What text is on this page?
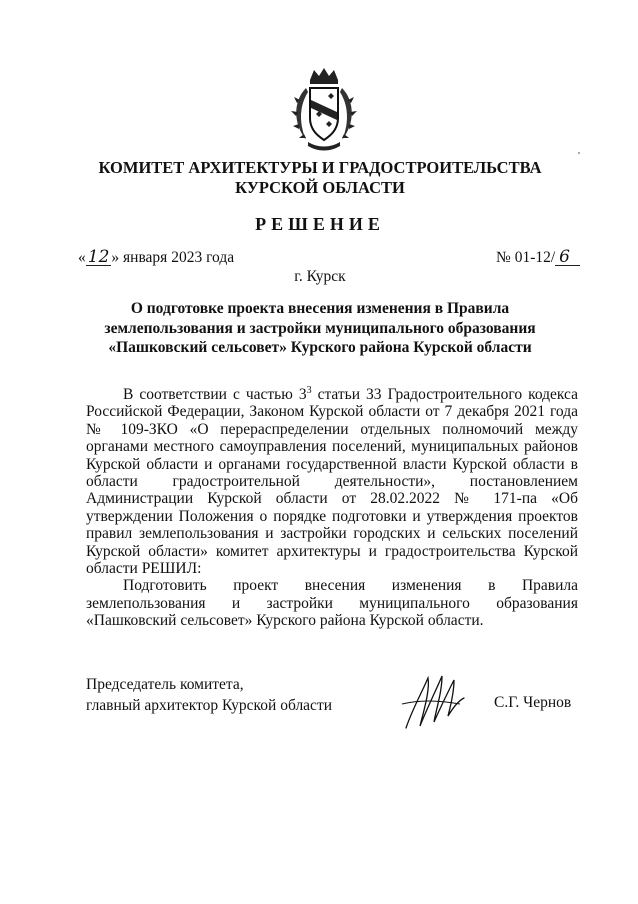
КОМИТЕТ АРХИТЕКТУРЫ И ГРАДОСТРОИТЕЛЬСТВА
КУРСКОЙ ОБЛАСТИ
РЕШЕНИЕ
« 12 » января 2023 года	№ 01-12/ 6
г. Курск
О подготовке проекта внесения изменения в Правила
землепользования и застройки муниципального образования
«Пашковский сельсовет» Курского района Курской области

В соответствии с частью $3^3$ статьи 33 Градостроительного кодекса Российской Федерации, Законом Курской области от 7 декабря 2021 года № 109-ЗКО «О перераспределении отдельных полномочий между органами местного самоуправления поселений, муниципальных районов Курской области и органами государственной власти Курской области в области градостроительной деятельности», постановлением Администрации Курской области от 28.02.2022 № 171-па «Об утверждении Положения о порядке подготовки и утверждения проектов правил землепользования и застройки городских и сельских поселений Курской области» комитет архитектуры и градостроительства Курской области РЕШИЛ:

Подготовить проект внесения изменения в Правила землепользования и застройки муниципального образования «Пашковский сельсовет» Курского района Курской области.

Председатель комитета,
главный архитектор Курской области	С.Г. Чернов
